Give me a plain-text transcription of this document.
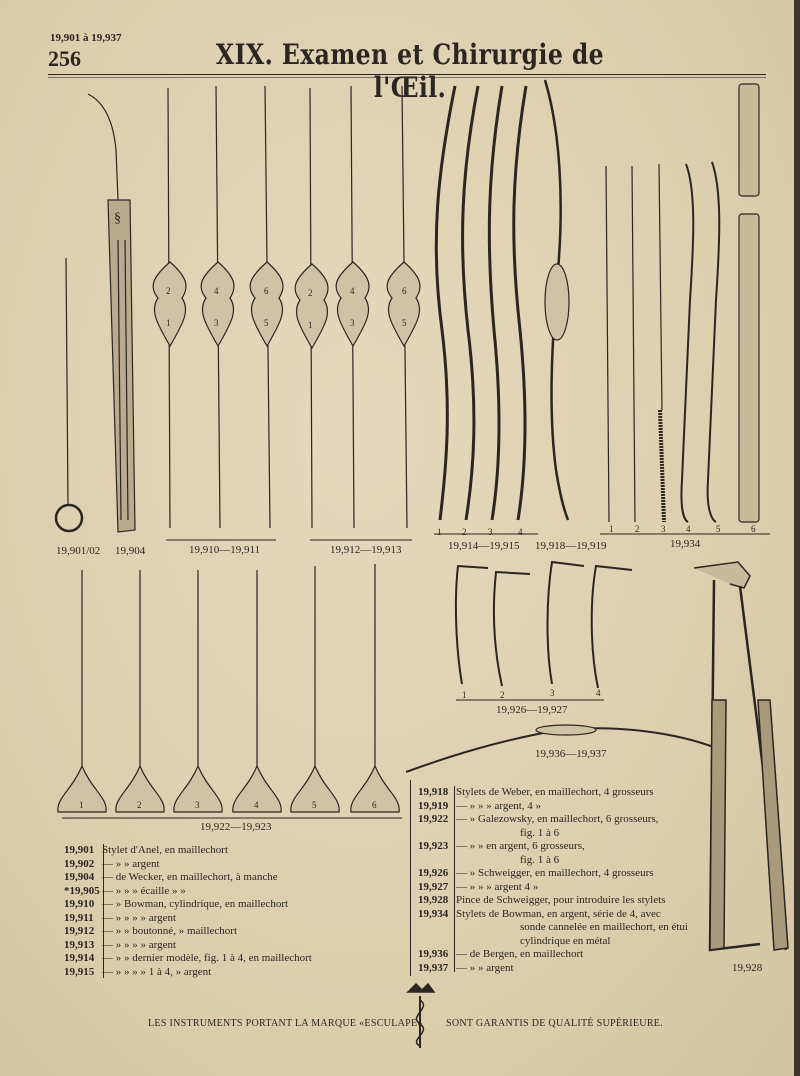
19,901 à 19,937
256	XIX. Examen et Chirurgie de l'Œil.
§
19,901/02 19,904	19,910—19,911	19,912—19,913	19,914—19,915 19,918—19,919	19,934
19,926—19,927
19,936—19,937
19,922—19,923
19,928
1 2 3	4	1 2 3 4	5	6
1	2	3	4
1	2	3	4	5	6
2	4	6	2	4	6
1	3	5	1	3	5
19,901 Stylet d'Anel, en maillechort
19,902 — » » argent
19,904 — de Wecker, en maillechort, à manche
*19,905 — » » » écaille » »
19,910 — » Bowman, cylindrique, en maillechort
19,911 — » » » » argent
19,912 — » » boutonné, » maillechort
19,913 — » » » » argent
19,914 — » » dernier modèle, fig. 1 à 4, en maillechort
19,915 — » » » » 1 à 4, » argent
19,918 Stylets de Weber, en maillechort, 4 grosseurs
19,919 — » » » argent, 4 »
19,922 — » Galezowsky, en maillechort, 6 grosseurs,
fig. 1 à 6
19,923 — » » en argent, 6 grosseurs,
fig. 1 à 6
19,926 — » Schweigger, en maillechort, 4 grosseurs
19,927 — » » » argent 4 »
19,928 Pince de Schweigger, pour introduire les stylets
19,934 Stylets de Bowman, en argent, série de 4, avec
sonde cannelée en maillechort, en étui
cylindrique en métal
19,936 — de Bergen, en maillechort
19,937 — » » argent
LES INSTRUMENTS PORTANT LA MARQUE «ESCULAPE» SONT GARANTIS DE QUALITÉ SUPÉRIEURE.
